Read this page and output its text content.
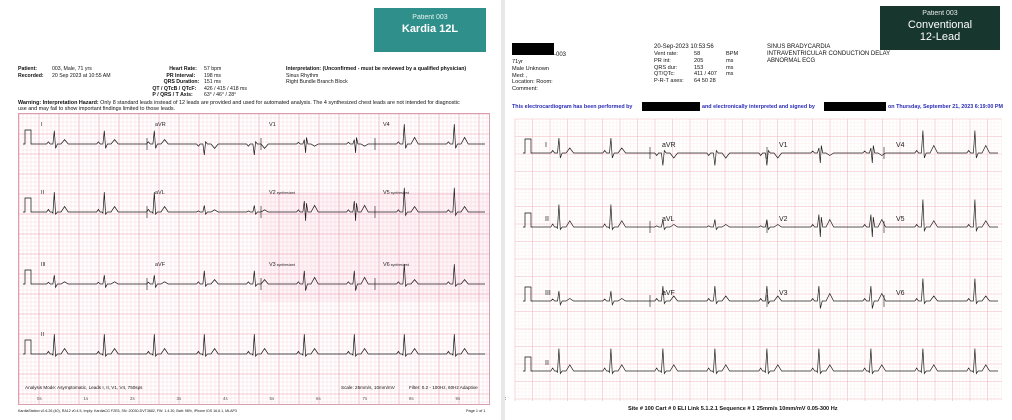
Patient 003
Kardia 12L
Patient:	003, Male, 71 yrs
Recorded: 20 Sep 2023 at 10:55 AM
Heart Rate: 57 bpm
PR Interval: 198 ms
QRS Duration: 151 ms
QT / QTcB / QTcF: 426 / 415 / 418 ms
P / QRS / T Axis: 63° / 46° / 28°
Interpretation: (Unconfirmed - must be reviewed by a qualified physician)
Sinus Rhythm
Right Bundle Branch Block
Warning: Interpretation Hazard: Only 8 standard leads instead of 12 leads are provided and used for automated analysis. The 4 synthesized chest leads are not intended for diagnostic
use and may fail to show important findings limited to those leads.
I	aVR	V1	V4
II	aVL	V2synthesized	V5synthesized
III	aVF	V3synthesized	V6synthesized
II
Analysis Mode: Asymptomatic, Leads I, II, V1, V4, 750sps	Scale: 25mm/s, 10mm/mV	Filter: 0.2 - 100Hz, 60Hz Adaptive
0s	1s	2s	3s	4s	5s	6s	7s	8s	9s
KardiaStation v2.6.26 (40), RA12 v0.4.5, Imply: KardiaCG F2E5, SN: 20030-DVT3682, FW: 1.4.30, Batt: 98%, iPhone iOS 16.6.1, MLAP3	Page 1 of 1
Patient 003
Conventional
12-Lead
-003
71yr
Male Unknown
Med: ,
Location: Room:
Comment:
20-Sep-2023 10:53:56
Vent rate:	58	BPM
PR int:	205	ms
QRS dur:	153	ms
QT/QTc:	411 / 407 ms
P-R-T axes: 64 50 28
SINUS BRADYCARDIA
INTRAVENTRICULAR CONDUCTION DELAY
ABNORMAL ECG
This electrocardiogram has been performed by	and electronically interpreted and signed by	on Thursday, September 21, 2023 6:19:00 PM
I	aVR	V1	V4
II	aVL	V2	V5
III	aVF	V3	V6
II
Site # 100 Cart # 0 ELI Link 5.1.2.1 Sequence # 1 25mm/s 10mm/mV 0.05-300 Hz
